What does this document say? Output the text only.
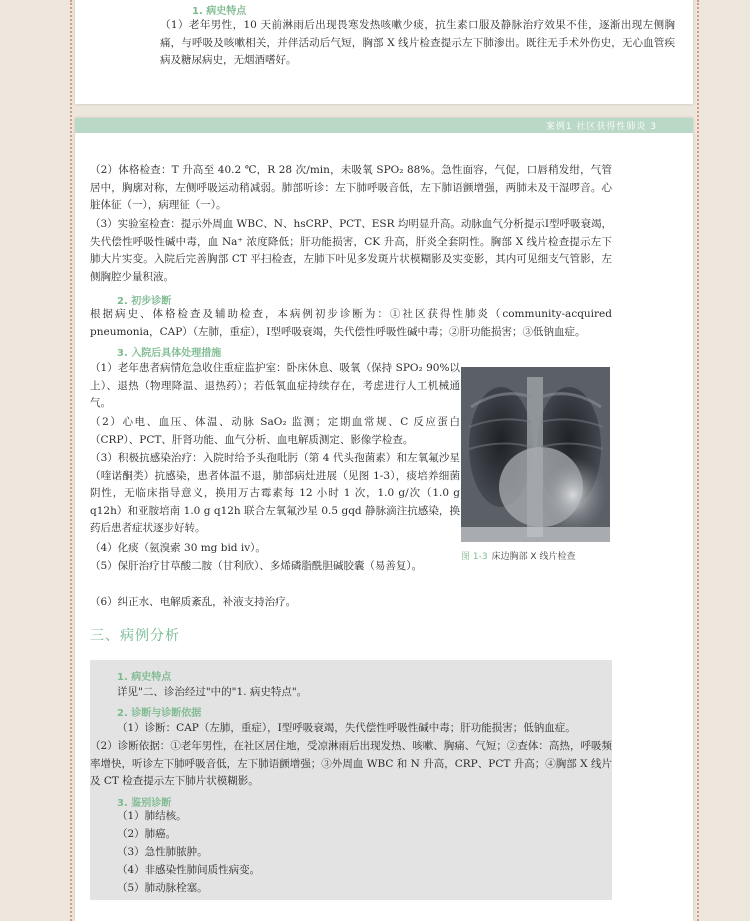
1. 病史特点
（1）老年男性，10 天前淋雨后出现畏寒发热咳嗽少痰，抗生素口服及静脉治疗效果不佳，逐渐出现左侧胸痛，与呼吸及咳嗽相关，并伴活动后气短，胸部 X 线片检查提示左下肺渗出。既往无手术外伤史，无心血管疾病及糖尿病史，无烟酒嗜好。
案例1 社区获得性肺炎 3
（2）体格检查：T 升高至 40.2 ℃，R 28 次/min，未吸氧 SPO₂ 88%。急性面容，气促，口唇稍发绀，气管居中，胸廓对称，左侧呼吸运动稍减弱。肺部听诊：左下肺呼吸音低，左下肺语颤增强，两肺未及干湿啰音。心脏体征（一），病理征（一）。
（3）实验室检查：提示外周血 WBC、N、hsCRP、PCT、ESR 均明显升高。动脉血气分析提示Ⅰ型呼吸衰竭，失代偿性呼吸性碱中毒，血 Na⁺ 浓度降低；肝功能损害，CK 升高，肝炎全套阴性。胸部 X 线片检查提示左下肺大片实变。入院后完善胸部 CT 平扫检查，左肺下叶见多发斑片状模糊影及实变影，其内可见细支气管影，左侧胸腔少量积液。
2. 初步诊断
根据病史、体格检查及辅助检查，本病例初步诊断为：①社区获得性肺炎（community-acquired pneumonia，CAP）（左肺，重症），Ⅰ型呼吸衰竭，失代偿性呼吸性碱中毒；②肝功能损害；③低钠血症。
3. 入院后具体处理措施
（1）老年患者病情危急收住重症监护室：卧床休息、吸氧（保持 SPO₂ 90%以上）、退热（物理降温、退热药）；若低氧血症持续存在，考虑进行人工机械通气。
（2）心电、血压、体温、动脉 SaO₂ 监测；定期血常规、C 反应蛋白（CRP）、PCT、肝肾功能、血气分析、血电解质测定、影像学检查。
（3）积极抗感染治疗：入院时给予头孢吡肟（第 4 代头孢菌素）和左氧氟沙星（喹诺酮类）抗感染，患者体温不退，肺部病灶进展（见图 1-3），痰培养细菌阴性，无临床指导意义，换用万古霉素每 12 小时 1 次，1.0 g/次（1.0 g q12h）和亚胺培南 1.0 g q12h 联合左氧氟沙星 0.5 gqd 静脉滴注抗感染，换药后患者症状逐步好转。
（4）化痰（氨溴索 30 mg bid iv）。
（5）保肝治疗甘草酸二胺（甘利欣）、多烯磷脂酰胆碱胶囊（易善复）。
（6）纠正水、电解质紊乱，补液支持治疗。
图 1-3 床边胸部 X 线片检查
三、病例分析
1. 病史特点
详见"二、诊治经过"中的"1. 病史特点"。
2. 诊断与诊断依据
（1）诊断：CAP（左肺，重症），Ⅰ型呼吸衰竭，失代偿性呼吸性碱中毒；肝功能损害；低钠血症。
（2）诊断依据：①老年男性，在社区居住地，受凉淋雨后出现发热、咳嗽、胸痛、气短；②查体：高热，呼吸频率增快，听诊左下肺呼吸音低，左下肺语颤增强；③外周血 WBC 和 N 升高，CRP、PCT 升高；④胸部 X 线片及 CT 检查提示左下肺片状模糊影。
3. 鉴别诊断
（1）肺结核。
（2）肺癌。
（3）急性肺脓肿。
（4）非感染性肺间质性病变。
（5）肺动脉栓塞。
